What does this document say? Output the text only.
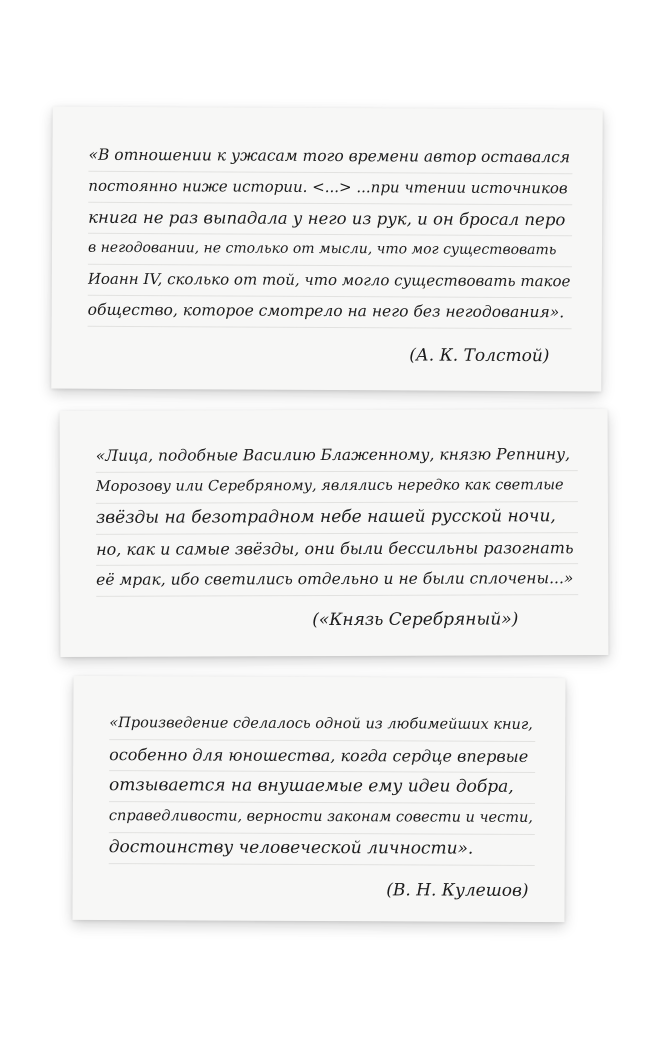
«В отношении к ужасам того времени автор оставался
постоянно ниже истории. <...> ...при чтении источников
книга не раз выпадала у него из рук, и он бросал перо
в негодовании, не столько от мысли, что мог существовать
Иоанн IV, сколько от той, что могло существовать такое
общество, которое смотрело на него без негодования».
(А. К. Толстой)
«Лица, подобные Василию Блаженному, князю Репнину,
Морозову или Серебряному, являлись нередко как светлые
звёзды на безотрадном небе нашей русской ночи,
но, как и самые звёзды, они были бессильны разогнать
её мрак, ибо светились отдельно и не были сплочены...»
(«Князь Серебряный»)
«Произведение сделалось одной из любимейших книг,
особенно для юношества, когда сердце впервые
отзывается на внушаемые ему идеи добра,
справедливости, верности законам совести и чести,
достоинству человеческой личности».
(В. Н. Кулешов)
